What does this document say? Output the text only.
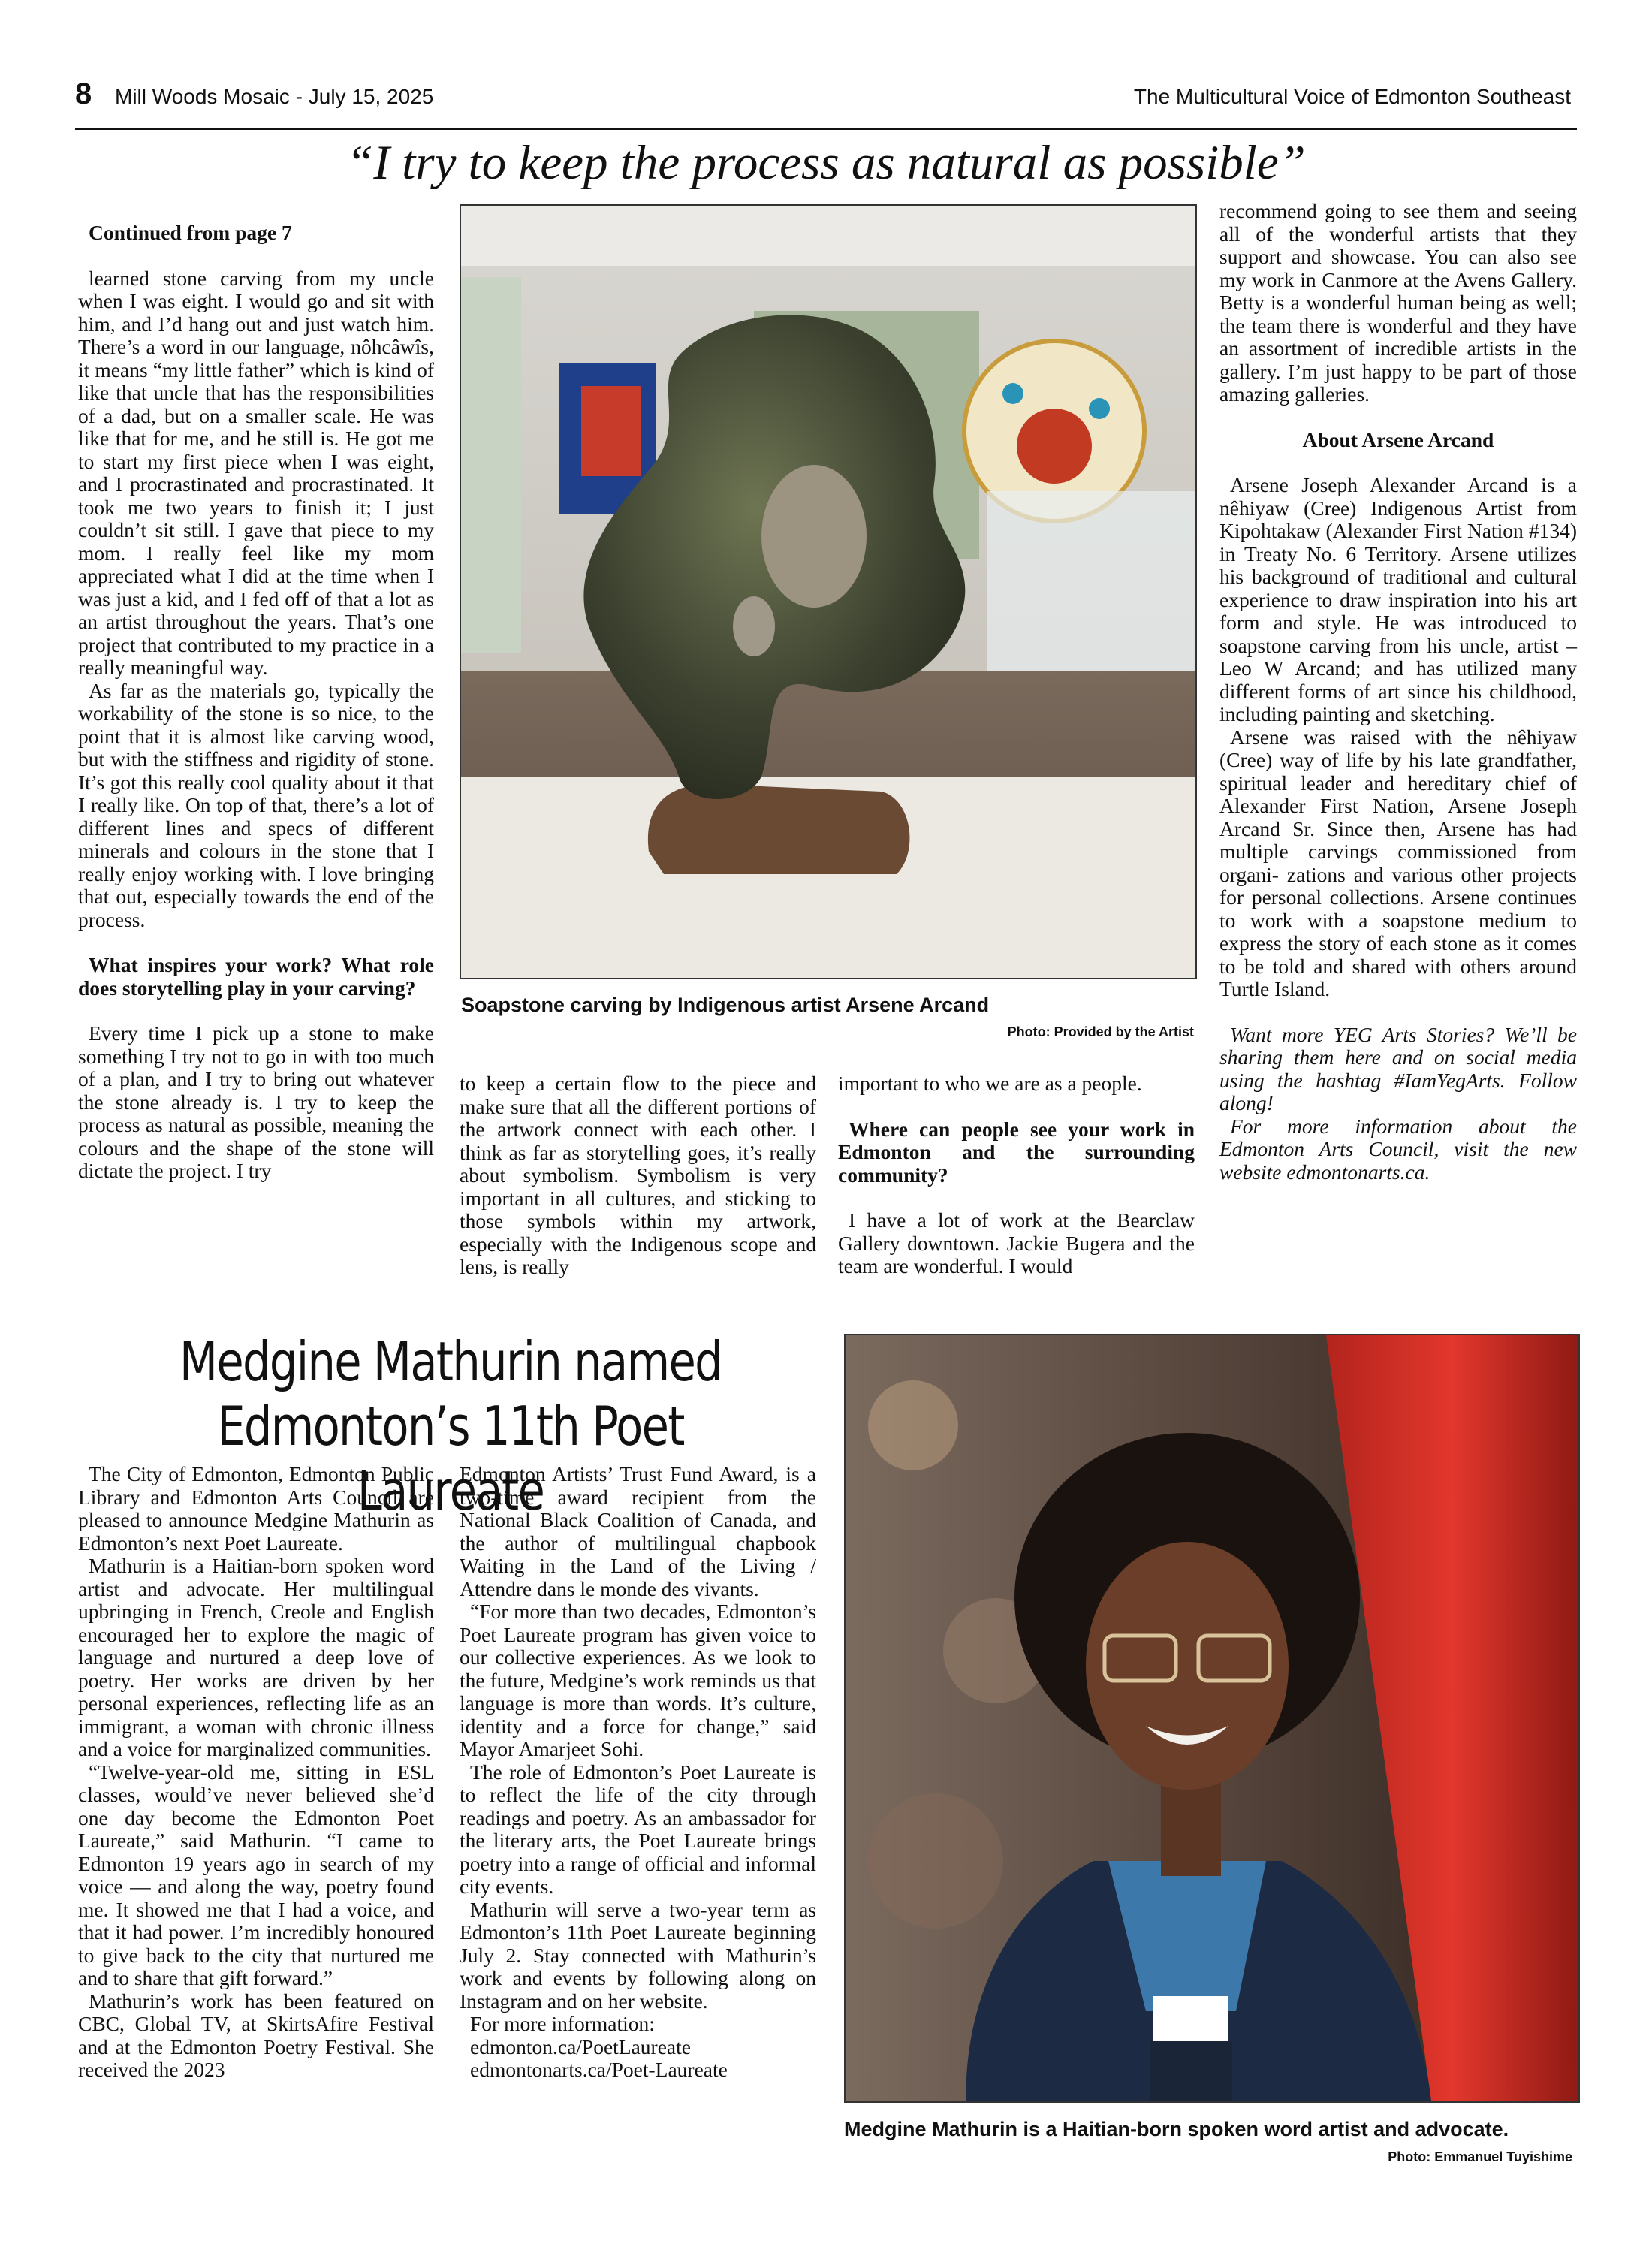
8 Mill Woods Mosaic - July 15, 2025	The Multicultural Voice of Edmonton Southeast
“I try to keep the process as natural as possible”
Continued from page 7

learned stone carving from my uncle when I was eight. I would go and sit with him, and I’d hang out and just watch him. There’s a word in our language, nôhcâwîs, it means “my little father” which is kind of like that uncle that has the responsibilities of a dad, but on a smaller scale. He was like that for me, and he still is. He got me to start my first piece when I was eight, and I procrastinated and procrastinated. It took me two years to finish it; I just couldn’t sit still. I gave that piece to my mom. I really feel like my mom appreciated what I did at the time when I was just a kid, and I fed off of that a lot as an artist throughout the years. That’s one project that contributed to my practice in a really meaningful way.

As far as the materials go, typically the workability of the stone is so nice, to the point that it is almost like carving wood, but with the stiffness and rigidity of stone. It’s got this really cool quality about it that I really like. On top of that, there’s a lot of different lines and specs of different minerals and colours in the stone that I really enjoy working with. I love bringing that out, especially towards the end of the process.

What inspires your work? What role does storytelling play in your carving?

Every time I pick up a stone to make something I try not to go in with too much of a plan, and I try to bring out whatever the stone already is. I try to keep the process as natural as possible, meaning the colours and the shape of the stone will dictate the project. I try

Soapstone carving by Indigenous artist Arsene Arcand
Photo: Provided by the Artist

to keep a certain flow to the piece and make sure that all the different portions of the artwork connect with each other. I think as far as storytelling goes, it’s really about symbolism. Symbolism is very important in all cultures, and sticking to those symbols within my artwork, especially with the Indigenous scope and lens, is really

important to who we are as a people.

Where can people see your work in Edmonton and the surrounding community?

I have a lot of work at the Bearclaw Gallery downtown. Jackie Bugera and the team are wonderful. I would

recommend going to see them and seeing all of the wonderful artists that they support and showcase. You can also see my work in Canmore at the Avens Gallery. Betty is a wonderful human being as well; the team there is wonderful and they have an assortment of incredible artists in the gallery. I’m just happy to be part of those amazing galleries.

About Arsene Arcand

Arsene Joseph Alexander Arcand is a nêhiyaw (Cree) Indigenous Artist from Kipohtakaw (Alexander First Nation #134) in Treaty No. 6 Territory. Arsene utilizes his background of traditional and cultural experience to draw inspiration into his art form and style. He was introduced to soapstone carving from his uncle, artist – Leo W Arcand; and has utilized many different forms of art since his childhood, including painting and sketching.

Arsene was raised with the nêhiyaw (Cree) way of life by his late grandfather, spiritual leader and hereditary chief of Alexander First Nation, Arsene Joseph Arcand Sr. Since then, Arsene has had multiple carvings commissioned from organi- zations and various other projects for personal collections. Arsene continues to work with a soapstone medium to express the story of each stone as it comes to be told and shared with others around Turtle Island.

Want more YEG Arts Stories? We’ll be sharing them here and on social media using the hashtag #IamYegArts. Follow along!

For more information about the Edmonton Arts Council, visit the new website edmontonarts.ca.

Medgine Mathurin named
Edmonton’s 11th Poet Laureate

The City of Edmonton, Edmonton Public Library and Edmonton Arts Council are pleased to announce Medgine Mathurin as Edmonton’s next Poet Laureate.

Mathurin is a Haitian-born spoken word artist and advocate. Her multilingual upbringing in French, Creole and English encouraged her to explore the magic of language and nurtured a deep love of poetry. Her works are driven by her personal experiences, reflecting life as an immigrant, a woman with chronic illness and a voice for marginalized communities.

“Twelve-year-old me, sitting in ESL classes, would’ve never believed she’d one day become the Edmonton Poet Laureate,” said Mathurin. “I came to Edmonton 19 years ago in search of my voice — and along the way, poetry found me. It showed me that I had a voice, and that it had power. I’m incredibly honoured to give back to the city that nurtured me and to share that gift forward.”

Mathurin’s work has been featured on CBC, Global TV, at SkirtsAfire Festival and at the Edmonton Poetry Festival. She received the 2023

Edmonton Artists’ Trust Fund Award, is a two-time award recipient from the National Black Coalition of Canada, and the author of multilingual chapbook Waiting in the Land of the Living / Attendre dans le monde des vivants.

“For more than two decades, Edmonton’s Poet Laureate program has given voice to our collective experiences. As we look to the future, Medgine’s work reminds us that language is more than words. It’s culture, identity and a force for change,” said Mayor Amarjeet Sohi.

The role of Edmonton’s Poet Laureate is to reflect the life of the city through readings and poetry. As an ambassador for the literary arts, the Poet Laureate brings poetry into a range of official and informal city events.

Mathurin will serve a two-year term as Edmonton’s 11th Poet Laureate beginning July 2. Stay connected with Mathurin’s work and events by following along on Instagram and on her website.

For more information:

edmonton.ca/PoetLaureate

edmontonarts.ca/Poet-Laureate

Medgine Mathurin is a Haitian-born spoken word artist and advocate.
Photo: Emmanuel Tuyishime
